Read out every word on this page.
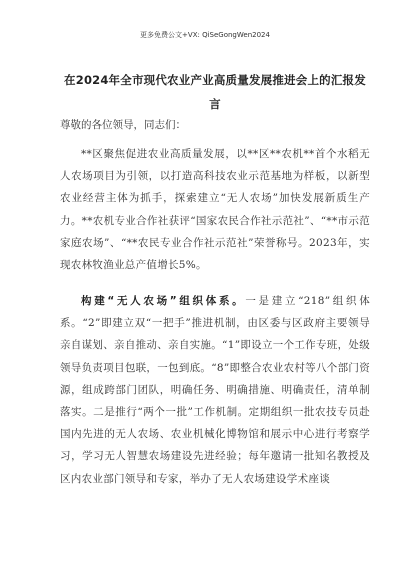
更多免费公文+VX: QiSeGongWen2024
在2024年全市现代农业产业高质量发展推进会上的汇报发言
尊敬的各位领导，同志们：

**区聚焦促进农业高质量发展，以**区**农机**首个水稻无人农场项目为引领，以打造高科技农业示范基地为样板，以新型农业经营主体为抓手，探索建立“无人农场”加快发展新质生产力。**农机专业合作社获评“国家农民合作社示范社”、“**市示范家庭农场”、“**农民专业合作社示范社”荣誉称号。2023年，实现农林牧渔业总产值增长5%。

构建“无人农场”组织体系。一是建立“218”组织体系。“2”即建立双“一把手”推进机制，由区委与区政府主要领导亲自谋划、亲自推动、亲自实施。“1”即设立一个工作专班，处级领导负责项目包联，一包到底。“8”即整合农业农村等八个部门资源，组成跨部门团队，明确任务、明确措施、明确责任，清单制落实。二是推行“两个一批”工作机制。定期组织一批农技专员赴国内先进的无人农场、农业机械化博物馆和展示中心进行考察学习，学习无人智慧农场建设先进经验；每年邀请一批知名教授及区内农业部门领导和专家，举办了无人农场建设学术座谈
